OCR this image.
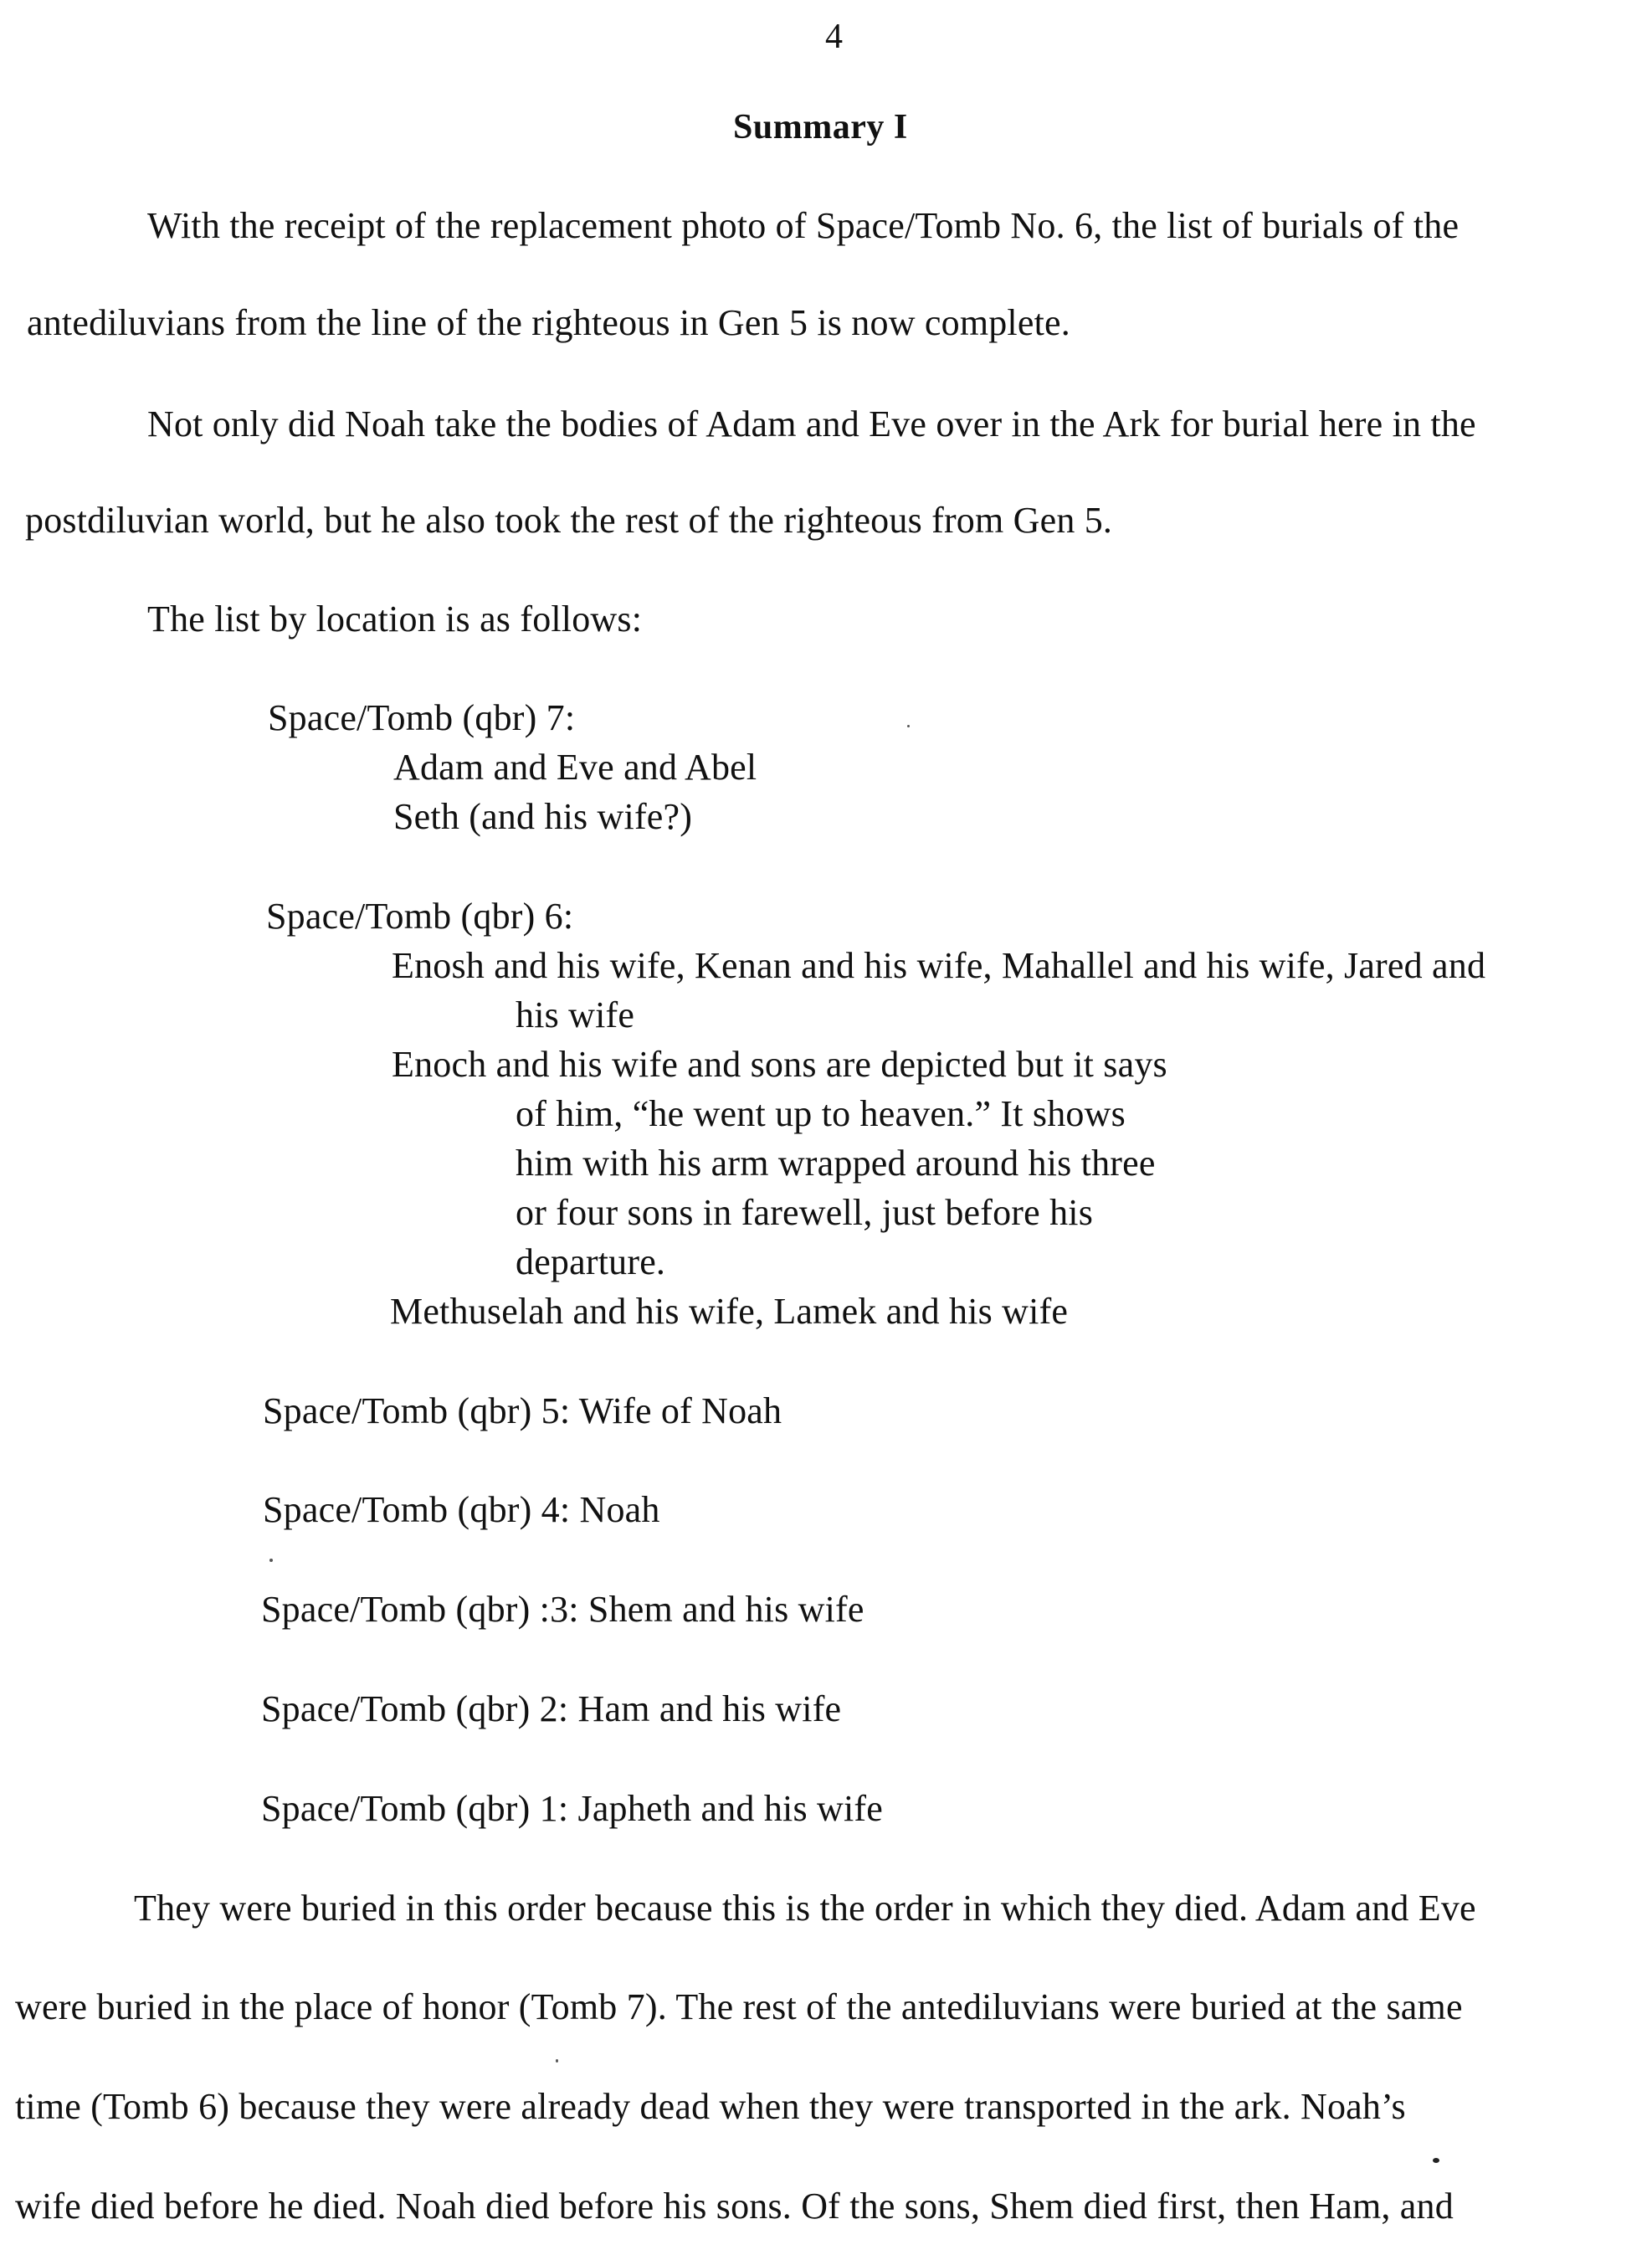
4
Summary I
With the receipt of the replacement photo of Space/Tomb No. 6, the list of burials of the
antediluvians from the line of the righteous in Gen 5 is now complete.
Not only did Noah take the bodies of Adam and Eve over in the Ark for burial here in the
postdiluvian world, but he also took the rest of the righteous from Gen 5.
The list by location is as follows:
Space/Tomb (qbr) 7:
Adam and Eve and Abel
Seth (and his wife?)
Space/Tomb (qbr) 6:
Enosh and his wife, Kenan and his wife, Mahallel and his wife, Jared and
his wife
Enoch and his wife and sons are depicted but it says
of him, “he went up to heaven.” It shows
him with his arm wrapped around his three
or four sons in farewell, just before his
departure.
Methuselah and his wife, Lamek and his wife
Space/Tomb (qbr) 5: Wife of Noah
Space/Tomb (qbr) 4: Noah
Space/Tomb (qbr) :3: Shem and his wife
Space/Tomb (qbr) 2: Ham and his wife
Space/Tomb (qbr) 1: Japheth and his wife
They were buried in this order because this is the order in which they died. Adam and Eve
were buried in the place of honor (Tomb 7). The rest of the antediluvians were buried at the same
time (Tomb 6) because they were already dead when they were transported in the ark. Noah’s
wife died before he died. Noah died before his sons. Of the sons, Shem died first, then Ham, and
